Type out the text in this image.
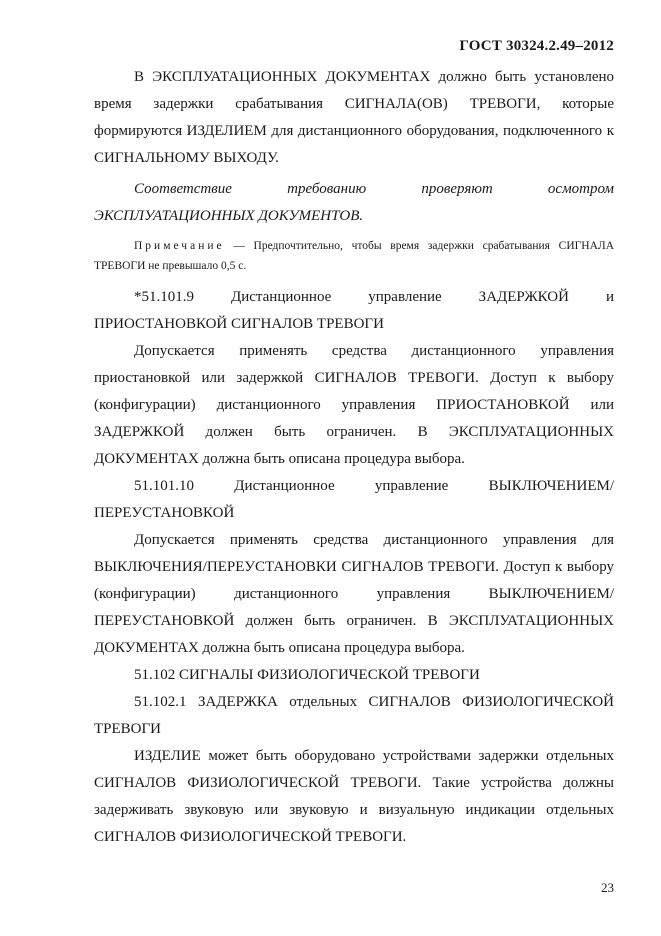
ГОСТ 30324.2.49–2012

В ЭКСПЛУАТАЦИОННЫХ ДОКУМЕНТАХ должно быть установлено время задержки срабатывания СИГНАЛА(ОВ) ТРЕВОГИ, которые формируются ИЗДЕЛИЕМ для дистанционного оборудования, подключенного к СИГНАЛЬНОМУ ВЫХОДУ.

Соответствие требованию проверяют осмотром ЭКСПЛУАТАЦИОННЫХ ДОКУМЕНТОВ.

Примечание — Предпочтительно, чтобы время задержки срабатывания СИГНАЛА ТРЕВОГИ не превышало 0,5 с.

*51.101.9 Дистанционное управление ЗАДЕРЖКОЙ и ПРИОСТАНОВКОЙ СИГНАЛОВ ТРЕВОГИ

Допускается применять средства дистанционного управления приостановкой или задержкой СИГНАЛОВ ТРЕВОГИ. Доступ к выбору (конфигурации) дистанционного управления ПРИОСТАНОВКОЙ или ЗАДЕРЖКОЙ должен быть ограничен. В ЭКСПЛУАТАЦИОННЫХ ДОКУМЕНТАХ должна быть описана процедура выбора.

51.101.10 Дистанционное управление ВЫКЛЮЧЕНИЕМ/ПЕРЕУСТАНОВКОЙ

Допускается применять средства дистанционного управления для ВЫКЛЮЧЕНИЯ/ПЕРЕУСТАНОВКИ СИГНАЛОВ ТРЕВОГИ. Доступ к выбору (конфигурации) дистанционного управления ВЫКЛЮЧЕНИЕМ/ПЕРЕУСТАНОВКОЙ должен быть ограничен. В ЭКСПЛУАТАЦИОННЫХ ДОКУМЕНТАХ должна быть описана процедура выбора.

51.102 СИГНАЛЫ ФИЗИОЛОГИЧЕСКОЙ ТРЕВОГИ

51.102.1 ЗАДЕРЖКА отдельных СИГНАЛОВ ФИЗИОЛОГИЧЕСКОЙ ТРЕВОГИ

ИЗДЕЛИЕ может быть оборудовано устройствами задержки отдельных СИГНАЛОВ ФИЗИОЛОГИЧЕСКОЙ ТРЕВОГИ. Такие устройства должны задерживать звуковую или звуковую и визуальную индикации отдельных СИГНАЛОВ ФИЗИОЛОГИЧЕСКОЙ ТРЕВОГИ.

23
